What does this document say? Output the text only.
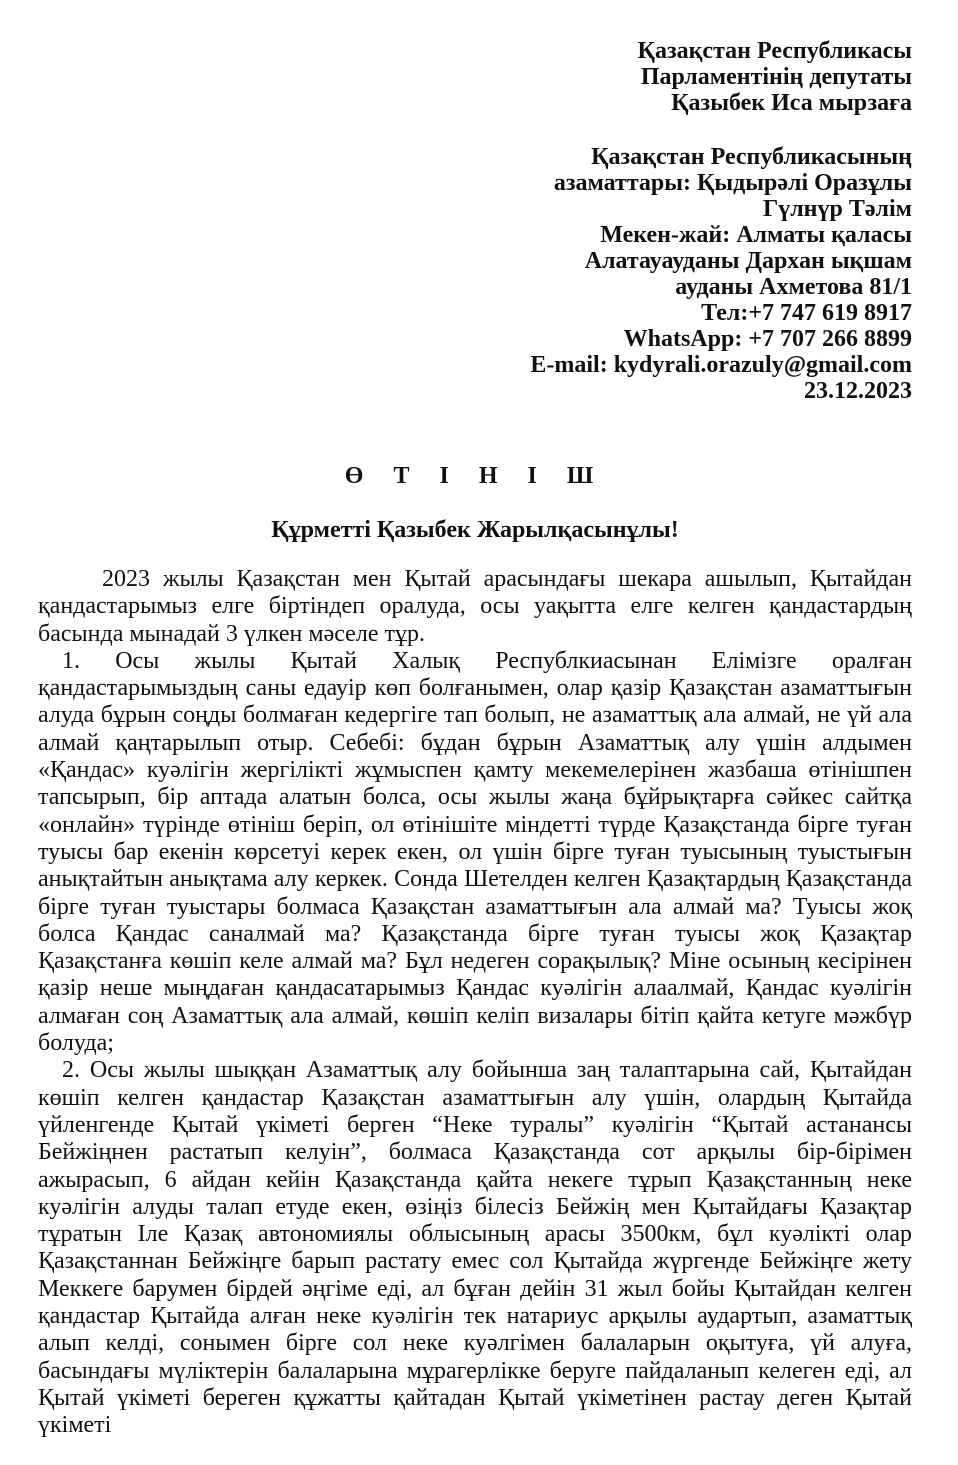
Қазақстан Республикасы
Парламентінің депутаты
Қазыбек Иса мырзаға
Қазақстан Республикасының
азаматтары: Қыдырәлі Оразұлы
Гүлнүр Тәлім
Мекен-жай: Алматы қаласы
Алатауауданы Дархан ықшам
ауданы Ахметова 81/1
Тел:+7 747 619 8917
WhatsApp: +7 707 266 8899
E-mail: kydyrali.orazuly@gmail.com
23.12.2023
Ө Т І Н І Ш
Құрметті Қазыбек Жарылқасынұлы!

2023 жылы Қазақстан мен Қытай арасындағы шекара ашылып, Қытайдан қандастарымыз елге біртіндеп оралуда, осы уақытта елге келген қандастардың басында мынадай 3 үлкен мәселе тұр.

1. Осы жылы Қытай Халық Республкиасынан Елімізге оралған қандастарымыздың саны едауір көп болғанымен, олар қазір Қазақстан азаматтығын алуда бұрын соңды болмаған кедергіге тап болып, не азаматтық ала алмай, не үй ала алмай қаңтарылып отыр. Себебі: бұдан бұрын Азаматтық алу үшін алдымен «Қандас» куәлігін жергілікті жұмыспен қамту мекемелерінен жазбаша өтінішпен тапсырып, бір аптада алатын болса, осы жылы жаңа бұйрықтарға сәйкес сайтқа «онлайн» түрінде өтініш беріп, ол өтінішіте міндетті түрде Қазақстанда бірге туған туысы бар екенін көрсетуі керек екен, ол үшін бірге туған туысының туыстығын анықтайтын анықтама алу керкек. Сонда Шетелден келген Қазақтардың Қазақстанда бірге туған туыстары болмаса Қазақстан азаматтығын ала алмай ма? Туысы жоқ болса Қандас саналмай ма? Қазақстанда бірге туған туысы жоқ Қазақтар Қазақстанға көшіп келе алмай ма? Бұл недеген сорақылық? Міне осының кесірінен қазір неше мыңдаған қандасатарымыз Қандас куәлігін алаалмай, Қандас куәлігін алмаған соң Азаматтық ала алмай, көшіп келіп визалары бітіп қайта кетуге мәжбүр болуда;

2. Осы жылы шыққан Азаматтық алу бойынша заң талаптарына сай, Қытайдан көшіп келген қандастар Қазақстан азаматтығын алу үшін, олардың Қытайда үйленгенде Қытай үкіметі берген “Неке туралы” куәлігін “Қытай астанансы Бейжіңнен растатып келуін”, болмаса Қазақстанда сот арқылы бір-бірімен ажырасып, 6 айдан кейін Қазақстанда қайта некеге тұрып Қазақстанның неке куәлігін алуды талап етуде екен, өзіңіз білесіз Бейжің мен Қытайдағы Қазақтар тұратын Іле Қазақ автономиялы облысының арасы 3500км, бұл куәлікті олар Қазақстаннан Бейжіңге барып растату емес сол Қытайда жүргенде Бейжіңге жету Меккеге барумен бірдей әңгіме еді, ал бұған дейін 31 жыл бойы Қытайдан келген қандастар Қытайда алған неке куәлігін тек натариус арқылы аудартып, азаматтық алып келді, сонымен бірге сол неке куәлгімен балаларын оқытуға, үй алуға, басындағы мүліктерін балаларына мұрагерлікке беруге пайдаланып келеген еді, ал Қытай үкіметі береген құжатты қайтадан Қытай үкіметінен растау деген Қытай үкіметі
